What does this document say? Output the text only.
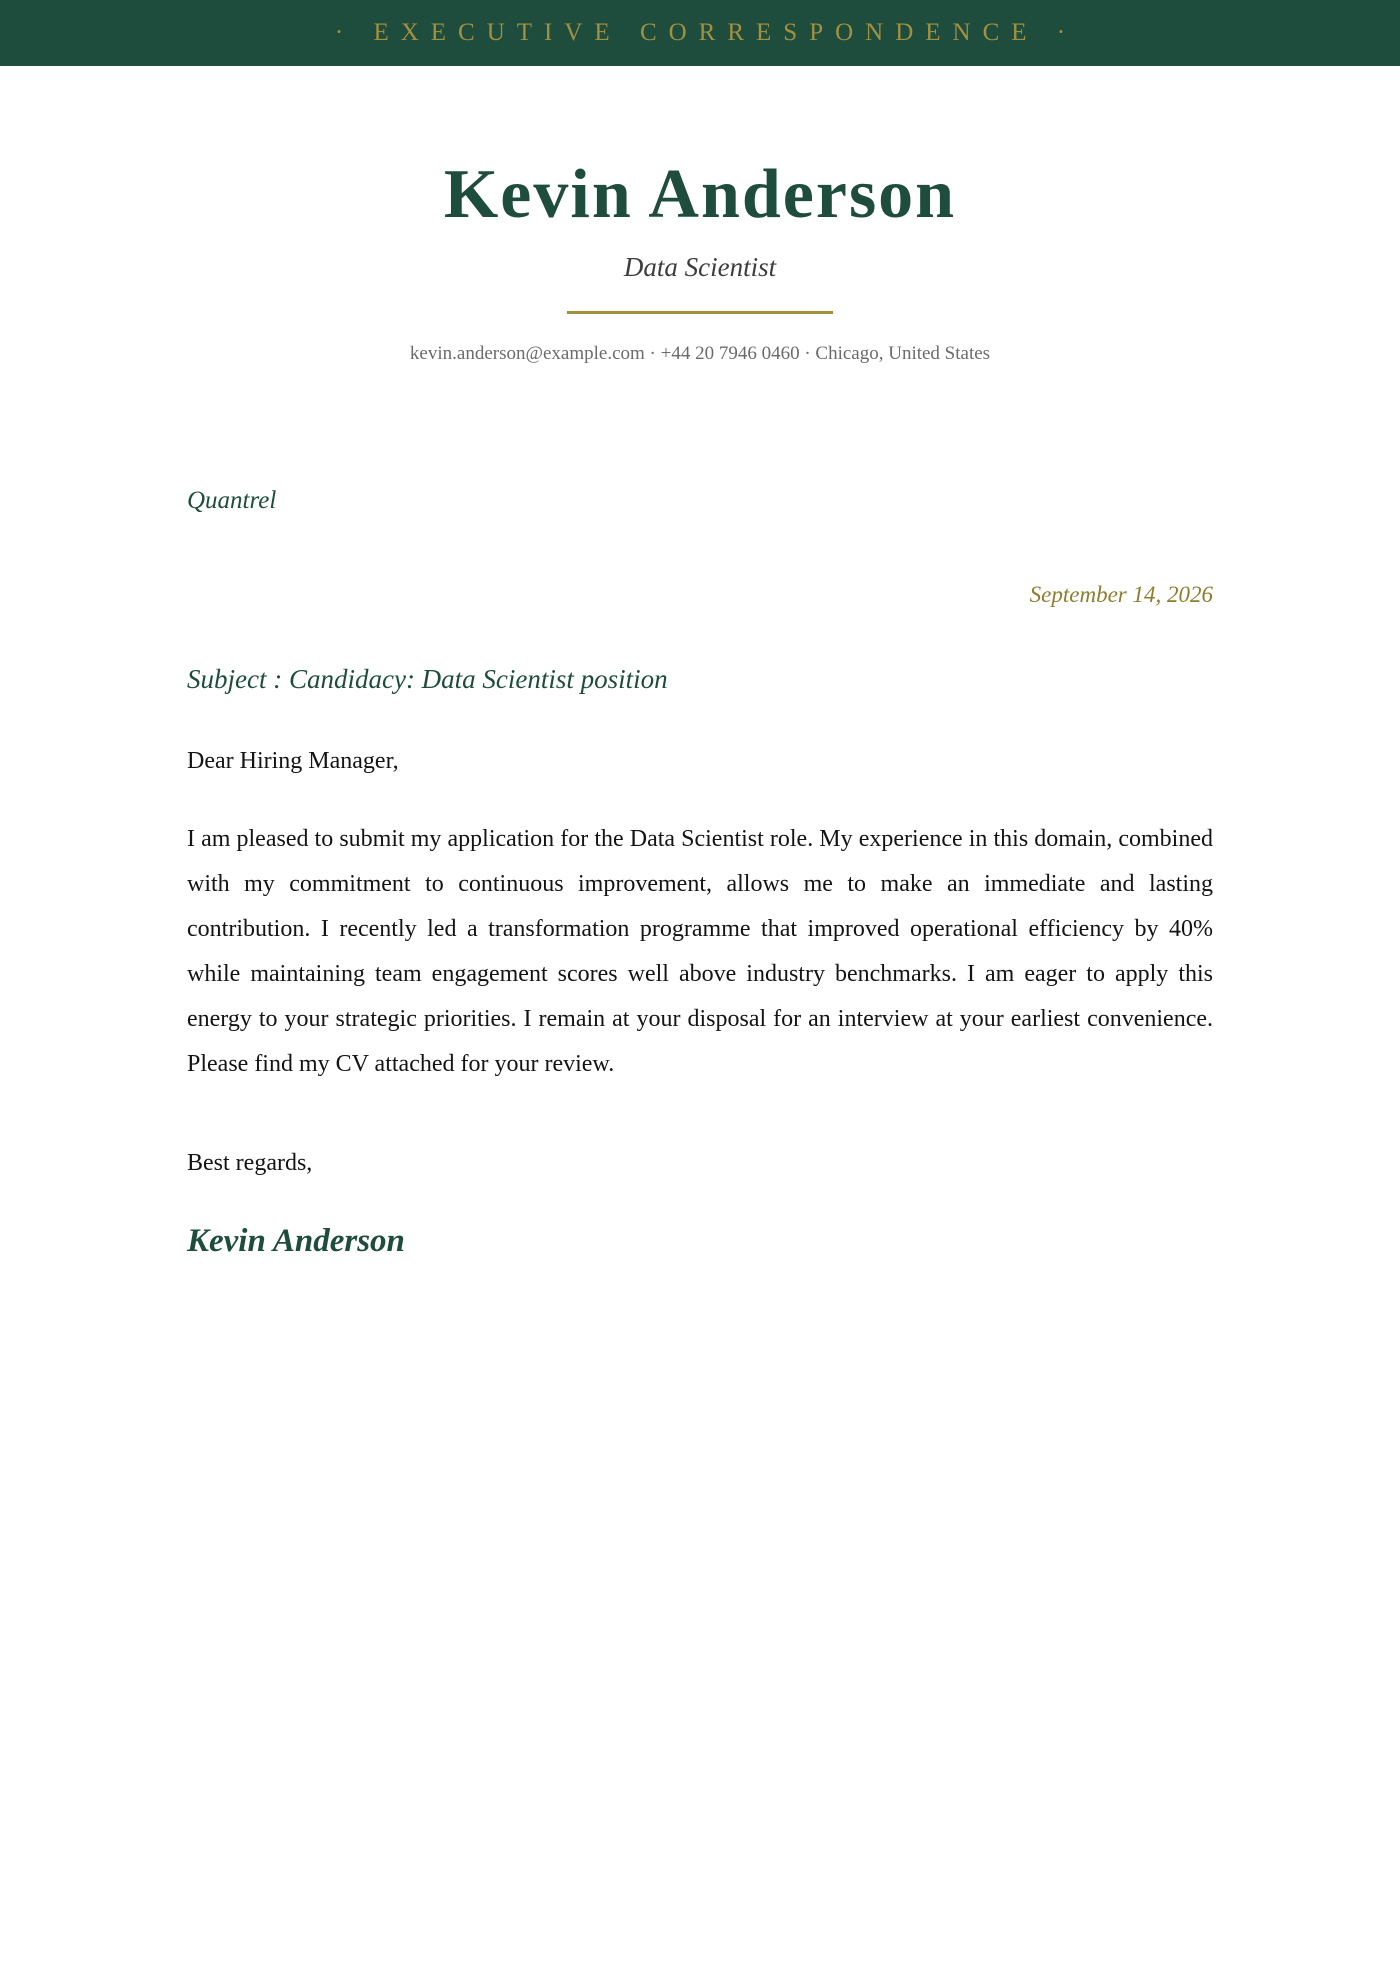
· EXECUTIVE CORRESPONDENCE ·
Kevin Anderson
Data Scientist
kevin.anderson@example.com · +44 20 7946 0460 · Chicago, United States
Quantrel
September 14, 2026
Subject : Candidacy: Data Scientist position
Dear Hiring Manager,

I am pleased to submit my application for the Data Scientist role. My experience in this domain, combined with my commitment to continuous improvement, allows me to make an immediate and lasting contribution. I recently led a transformation programme that improved operational efficiency by 40% while maintaining team engagement scores well above industry benchmarks. I am eager to apply this energy to your strategic priorities. I remain at your disposal for an interview at your earliest convenience. Please find my CV attached for your review.

Best regards,
Kevin Anderson
